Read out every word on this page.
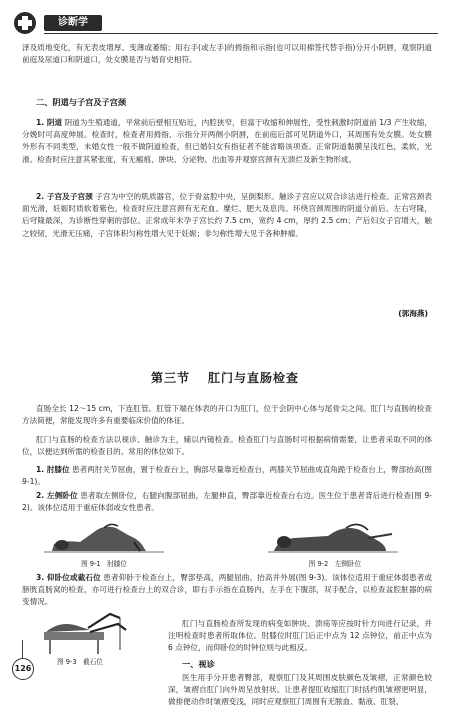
诊断学
泽及质地变化，有无表皮增厚、变薄或萎缩；用右手(或左手)的拇指和示指(也可以用棉签代替手指)分开小阴唇，观察阴道前庭及尿道口和阴道口，处女膜是否与婚育史相符。
二、阴道与子宫及子宫颈
1. 阴道 阴道为生殖通道，平常前后壁相互贴近，内腔狭窄，但富于收缩和伸展性，受性刺激时阴道前 1/3 产生收缩，分娩时可高度伸展。检查时，检查者用拇指、示指分开两侧小阴唇，在前庭后部可见阴道外口，其周围有处女膜。处女膜外形有不同类型，未婚女性一般不做阴道检查，但已婚妇女有指征者不能省略该项查。正常阴道黏膜呈浅红色，柔软，光滑。检查时应注意其紧张度，有无瘢痕、肿块、分泌物、出血等并观察宫颈有无溃烂及新生物形成。
2. 子宫及子宫颈 子宫为中空的肌质器官，位于骨盆腔中央，呈倒梨形。触诊子宫应以双合诊法进行检查。正常宫颈表面光滑，妊娠时质软着紫色，检查时应注意宫颈有无充血、糜烂、肥大及息肉。环绕宫颈周围的阴道分前后、左右穹隆，后穹隆最深，为诊断性穿刺的部位。正常成年未孕子宫长约 7.5 cm，宽约 4 cm，厚约 2.5 cm；产后妇女子宫增大，触之较韧，光滑无压痛，子宫体积匀称性增大见于妊娠；非匀称性增大见于各种肿瘤。
(郭海燕)
第三节 肛门与直肠检查
直肠全长 12～15 cm，下连肛管。肛管下端在体表的开口为肛门，位于会阴中心体与尾骨尖之间。肛门与直肠的检查方法简便，常能发现许多有重要临床价值的体征。
肛门与直肠的检查方法以视诊、触诊为主，辅以内镜检查。检查肛门与直肠时可根据病情需要，让患者采取不同的体位，以便达到所需的检查目的。常用的体位如下。
1. 肘膝位 患者两肘关节屈曲，置于检查台上，胸部尽量靠近检查台，两膝关节屈曲成直角跪于检查台上，臀部抬高(图 9-1)。
2. 左侧卧位 患者取左侧卧位，右腿向腹部屈曲，左腿伸直，臀部靠近检查台右边。医生位于患者背后进行检查(图 9-2)。该体位适用于重症体弱或女性患者。
图 9-1　肘膝位	图 9-2　左侧卧位
3. 仰卧位或截石位 患者仰卧于检查台上，臀部垫高，两腿屈曲、抬高并外展(图 9-3)。该体位适用于重症体弱患者或膀胱直肠窝的检查，亦可进行检查台上的双合诊，即右手示指在直肠内，左手在下腹部，双手配合，以检查盆腔脏器的病变情况。
肛门与直肠检查所发现的病变如肿块、溃疡等应按时针方向进行记录，并注明检查时患者所取体位。肘膝位时肛门后正中点为 12 点钟位，前正中点为 6 点钟位，而仰卧位的时钟位则与此相反。
图 9-3　截石位	一、视诊
医生用手分开患者臀部，观察肛门及其周围皮肤颜色及皱褶，正常颜色较深，皱褶自肛门向外周呈放射状。让患者提肛收缩肛门时括约肌皱褶更明显，做排便动作时皱褶变浅，同时应观察肛门周围有无脓血、黏液、肛裂、
126
